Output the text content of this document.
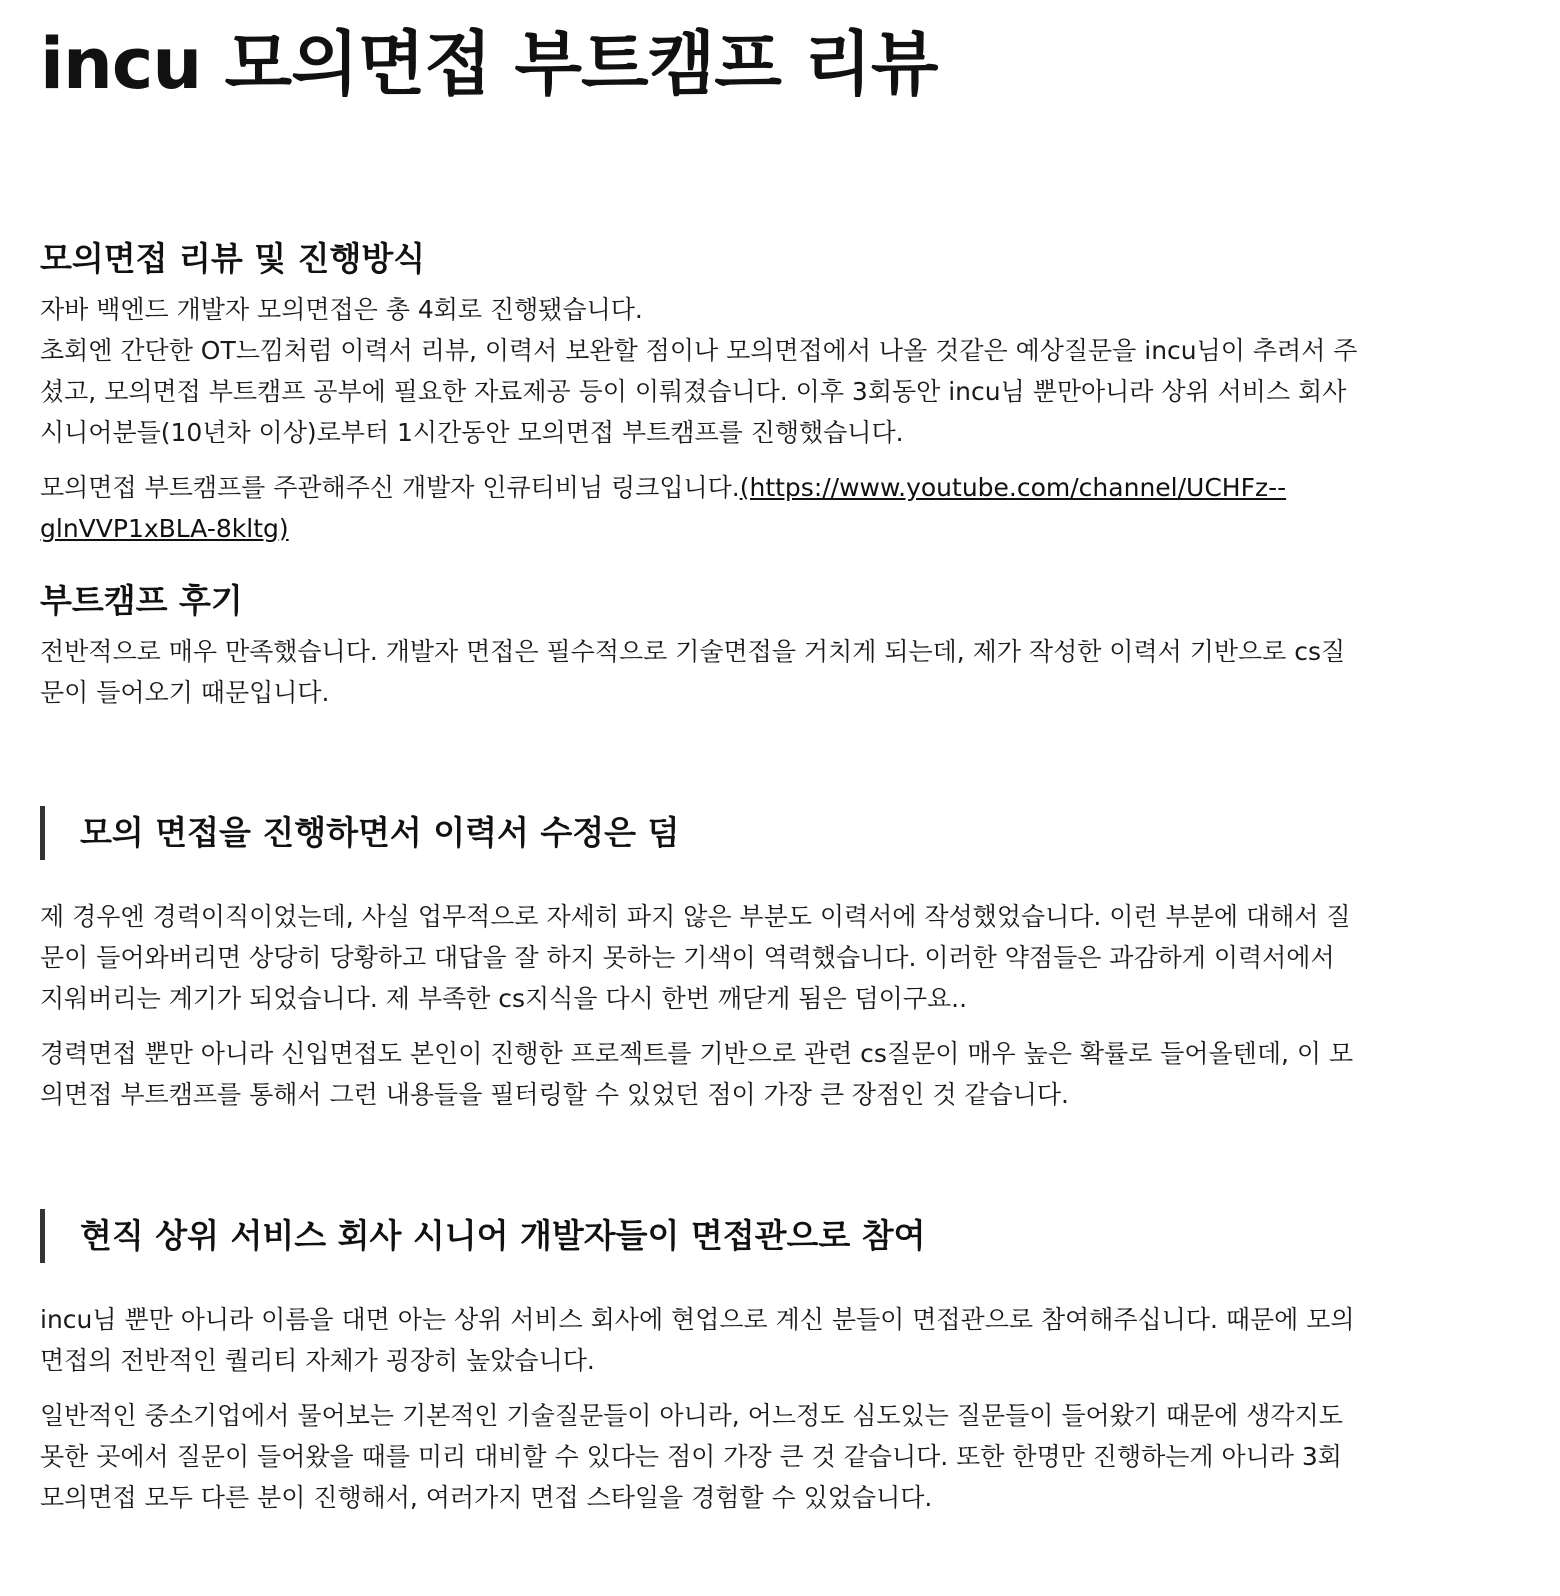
incu 모의면접 부트캠프 리뷰
모의면접 리뷰 및 진행방식

자바 백엔드 개발자 모의면접은 총 4회로 진행됐습니다.
초회엔 간단한 OT느낌처럼 이력서 리뷰, 이력서 보완할 점이나 모의면접에서 나올 것같은 예상질문을 incu님이 추려서 주
셨고, 모의면접 부트캠프 공부에 필요한 자료제공 등이 이뤄졌습니다. 이후 3회동안 incu님 뿐만아니라 상위 서비스 회사
시니어분들(10년차 이상)로부터 1시간동안 모의면접 부트캠프를 진행했습니다.

모의면접 부트캠프를 주관해주신 개발자 인큐티비님 링크입니다.(https://www.youtube.com/channel/UCHFz--
glnVVP1xBLA-8kltg)

부트캠프 후기

전반적으로 매우 만족했습니다. 개발자 면접은 필수적으로 기술면접을 거치게 되는데, 제가 작성한 이력서 기반으로 cs질
문이 들어오기 때문입니다.

모의 면접을 진행하면서 이력서 수정은 덤

제 경우엔 경력이직이었는데, 사실 업무적으로 자세히 파지 않은 부분도 이력서에 작성했었습니다. 이런 부분에 대해서 질
문이 들어와버리면 상당히 당황하고 대답을 잘 하지 못하는 기색이 역력했습니다. 이러한 약점들은 과감하게 이력서에서
지워버리는 계기가 되었습니다. 제 부족한 cs지식을 다시 한번 깨닫게 됨은 덤이구요..

경력면접 뿐만 아니라 신입면접도 본인이 진행한 프로젝트를 기반으로 관련 cs질문이 매우 높은 확률로 들어올텐데, 이 모
의면접 부트캠프를 통해서 그런 내용들을 필터링할 수 있었던 점이 가장 큰 장점인 것 같습니다.

현직 상위 서비스 회사 시니어 개발자들이 면접관으로 참여

incu님 뿐만 아니라 이름을 대면 아는 상위 서비스 회사에 현업으로 계신 분들이 면접관으로 참여해주십니다. 때문에 모의
면접의 전반적인 퀄리티 자체가 굉장히 높았습니다.

일반적인 중소기업에서 물어보는 기본적인 기술질문들이 아니라, 어느정도 심도있는 질문들이 들어왔기 때문에 생각지도
못한 곳에서 질문이 들어왔을 때를 미리 대비할 수 있다는 점이 가장 큰 것 같습니다. 또한 한명만 진행하는게 아니라 3회
모의면접 모두 다른 분이 진행해서, 여러가지 면접 스타일을 경험할 수 있었습니다.
